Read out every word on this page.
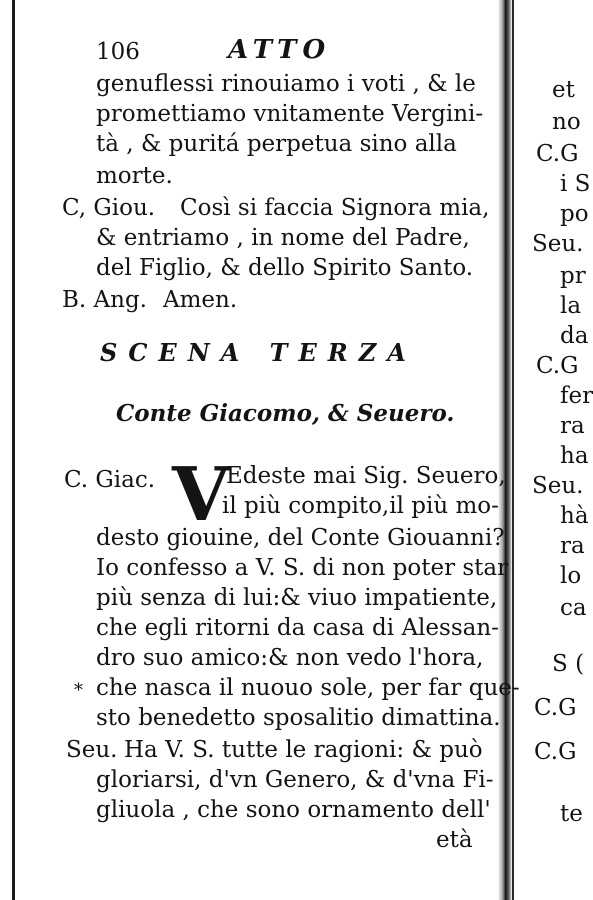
106	ATTO
genuflessi rinouiamo i voti , & le
promettiamo vnitamente Vergini-
tà , & puritá perpetua sino alla
morte.
C, Giou. Così si faccia Signora mia,
& entriamo , in nome del Padre,
del Figlio, & dello Spirito Santo.
B. Ang. Amen.
SCENA TERZA
Conte Giacomo, & Seuero.
C. Giac. V
Edeste mai Sig. Seuero,
il più compito,il più mo-
desto giouine, del Conte Giouanni?
Io confesso a V. S. di non poter star
più senza di lui:& viuo impatiente,
che egli ritorni da casa di Alessan-
dro suo amico:& non vedo l'hora,
che nasca il nuouo sole, per far que-
sto benedetto sposalitio dimattina.
*
Seu. Ha V. S. tutte le ragioni: & può
gloriarsi, d'vn Genero, & d'vna Fi-
gliuola , che sono ornamento dell'
età
et
no
C.G
i S
po
Seu.
pr
la
da
C.G
fer
ra
ha
Seu.
hà
ra
lo
ca
S (
C.G
C.G
te
